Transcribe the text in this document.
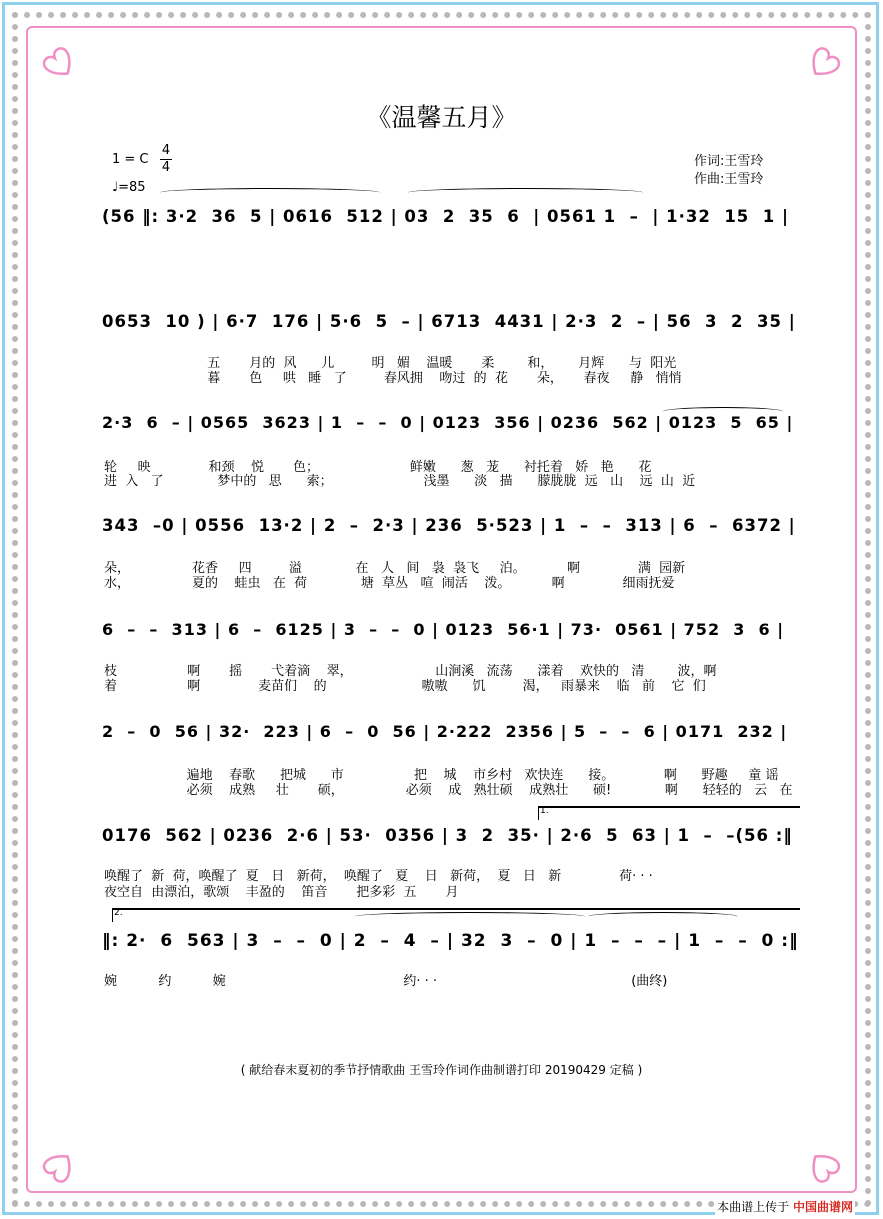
《温馨五月》
1 = C
4
4
♩=85
作词:王雪玲
作曲:王雪玲
(56 ‖: 3·2  36  5 | 0616  512 | 03  2  35  6  | 0561 1  –  | 1·32  15  1 |
0653  10 ) | 6·7  176 | 5·6  5  – | 6713  4431 | 2·3  2  – | 56  3  2  35 |
五       月的  风      儿         明   媚    温暖       柔        和，      月辉      与  阳光
暮       色     哄   睡   了         春风拥    吻过  的  花       朵，     春夜     静   悄悄
2·3  6  – | 0565  3623 | 1  –  –  0 | 0123  356 | 0236  562 | 0123  5  65 |
轮     映              和颈    悦       色；                      鲜嫩      葱   茏      衬托着   娇   艳      花
进  入   了             梦中的   思      索；                      浅墨      淡   描      朦胧胧  远   山    远  山  近
343  –0 | 0556  13·2 | 2  –  2·3 | 236  5·523 | 1  –  –  313 | 6  –  6372 |
朵，               花香     四         溢             在   人   间   袅  袅飞     泊。          啊              满  园新
水，               夏的    蛙虫   在  荷             塘  草丛   喧  闹活    泼。          啊              细雨抚爱
6  –  –  313 | 6  –  6125 | 3  –  –  0 | 0123  56·1 | 73·  0561 | 752  3  6 |
枝                 啊       摇       弋着滴    翠，                    山涧溪   流荡      漾着    欢快的   清        波，啊
着                 啊              麦苗们    的                       嗷嗷      饥         渴，   雨暴来    临   前    它  们
2  –  0  56 | 32·  223 | 6  –  0  56 | 2·222  2356 | 5  –  –  6 | 0171  232 |
遍地    春歌      把城      市                 把    城    市乡村   欢快连      接。            啊      野趣     童 谣
必须    成熟     壮       硕，               必须    成   熟壮硕    成熟壮      硕!             啊      轻轻的   云   在
1.
0176  562 | 0236  2·6 | 53·  0356 | 3  2  35· | 2·6  5  63 | 1  –  –(56 :‖
唤醒了  新  荷，唤醒了  夏   日   新荷，  唤醒了   夏    日   新荷，  夏   日   新              荷· · ·
夜空自  由漂泊，歌颂    丰盈的    笛音       把多彩  五       月
2.
‖: 2·  6  563 | 3  –  –  0 | 2  –  4  – | 32  3  –  0 | 1  –  –  – | 1  –  –  0 :‖
婉          约          婉                                           约· · ·                                               (曲终)
( 献给春末夏初的季节抒情歌曲 王雪玲作词作曲制谱打印 20190429 定稿 )
本曲谱上传于 中国曲谱网
